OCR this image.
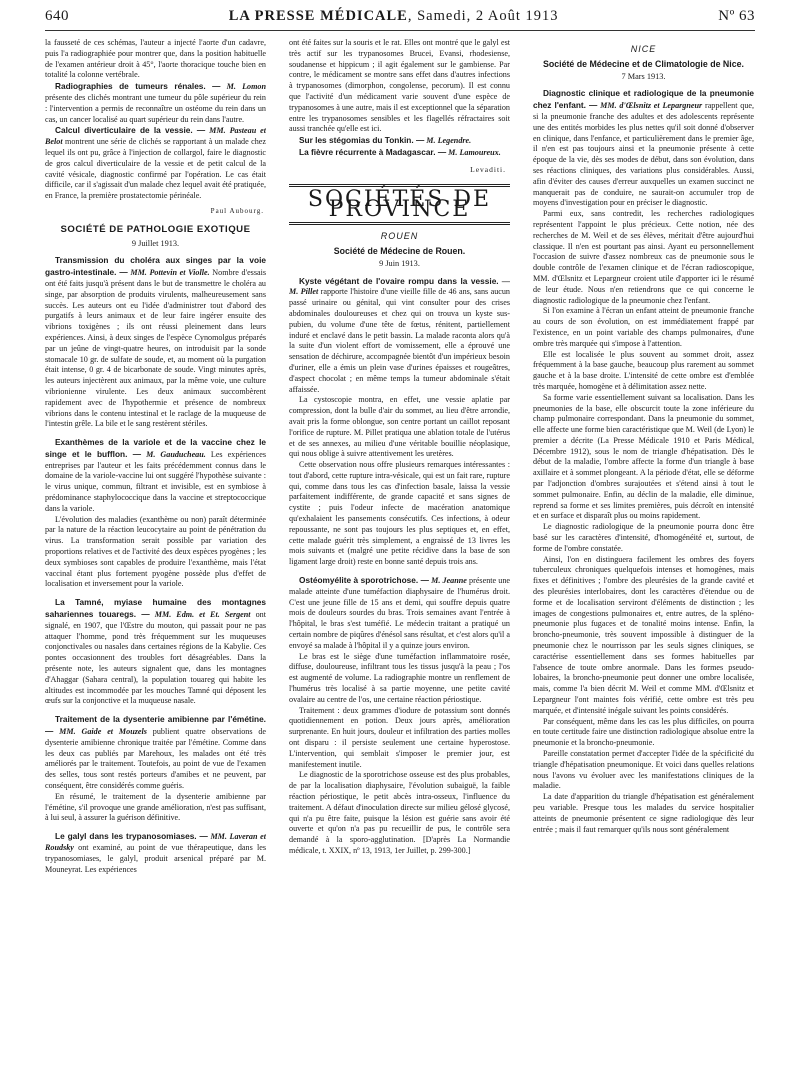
640	LA PRESSE MÉDICALE, Samedi, 2 Août 1913	Nº 63

la fausseté de ces schémas, l'auteur a injecté l'aorte d'un cadavre, puis l'a radiographiée pour montrer que, dans la position habituelle de l'examen antérieur droit à 45°, l'aorte thoracique touche bien en totalité la colonne vertébrale.

Radiographies de tumeurs rénales. — M. Lomon présente des clichés montrant une tumeur du pôle supérieur du rein : l'intervention a permis de reconnaître un ostéome du rein dans un cas, un cancer localisé au quart supérieur du rein dans l'autre.

Calcul diverticulaire de la vessie. — MM. Pasteau et Belot montrent une série de clichés se rapportant à un malade chez lequel ils ont pu, grâce à l'injection de collargol, faire le diagnostic de gros calcul diverticulaire de la vessie et de petit calcul de la cavité vésicale, diagnostic confirmé par l'opération. Le cas était difficile, car il s'agissait d'un malade chez lequel avait été pratiquée, en France, la première prostatectomie périnéale.

Paul Aubourg.
SOCIÉTÉ DE PATHOLOGIE EXOTIQUE
9 Juillet 1913.

Transmission du choléra aux singes par la voie gastro-intestinale. — MM. Pottevin et Violle. Nombre d'essais ont été faits jusqu'à présent dans le but de transmettre le choléra au singe, par absorption de produits virulents, malheureusement sans succès. Les auteurs ont eu l'idée d'administrer tout d'abord des purgatifs à leurs animaux et de leur faire ingérer ensuite des vibrions toxigènes ; ils ont réussi pleinement dans leurs expériences. Ainsi, à deux singes de l'espèce Cynomolgus préparés par un jeûne de vingt-quatre heures, on introduisit par la sonde stomacale 10 gr. de sulfate de soude, et, au moment où la purgation était intense, 0 gr. 4 de bicarbonate de soude. Vingt minutes après, les auteurs injectèrent aux animaux, par la même voie, une culture vibrionienne virulente. Les deux animaux succombèrent rapidement avec de l'hypothermie et présence de nombreux vibrions dans le contenu intestinal et le raclage de la muqueuse de l'intestin grêle. La bile et le sang restèrent stériles.

Exanthèmes de la variole et de la vaccine chez le singe et le bufflon. — M. Gauducheau. Les expériences entreprises par l'auteur et les faits précédemment connus dans le domaine de la variole-vaccine lui ont suggéré l'hypothèse suivante : le virus unique, commun, filtrant et invisible, est en symbiose à prédominance staphylococcique dans la vaccine et streptococcique dans la variole.

L'évolution des maladies (exanthème ou non) paraît déterminée par la nature de la réaction leucocytaire au point de pénétration du virus. La transformation serait possible par variation des proportions relatives et de l'activité des deux espèces pyogènes ; les deux symbioses sont capables de produire l'exanthème, mais l'état vaccinal étant plus fortement pyogène possède plus d'effet de localisation et inversement pour la variole.

La Tamné, myiase humaine des montagnes sahariennes touaregs. — MM. Edm. et Et. Sergent ont signalé, en 1907, que l'Œstre du mouton, qui passait pour ne pas attaquer l'homme, pond très fréquemment sur les muqueuses conjonctivales ou nasales dans certaines régions de la Kabylie. Ces pontes occasionnent des troubles fort désagréables. Dans la présente note, les auteurs signalent que, dans les montagnes d'Ahaggar (Sahara central), la population touareg qui habite les altitudes est incommodée par les mouches Tamné qui déposent les œufs sur la conjonctive et la muqueuse nasale.

Traitement de la dysenterie amibienne par l'émétine. — MM. Gaide et Mouzels publient quatre observations de dysenterie amibienne chronique traitée par l'émétine. Comme dans les deux cas publiés par Marehoux, les malades ont été très améliorés par le traitement. Toutefois, au point de vue de l'examen des selles, tous sont restés porteurs d'amibes et ne peuvent, par conséquent, être considérés comme guéris.

En résumé, le traitement de la dysenterie amibienne par l'émétine, s'il provoque une grande amélioration, n'est pas suffisant, à lui seul, à assurer la guérison définitive.

Le galyl dans les trypanosomiases. — MM. Laveran et Roudsky ont examiné, au point de vue thérapeutique, dans les trypanosomiases, le galyl, produit arsenical préparé par M. Mouneyrat. Les expériences

ont été faites sur la souris et le rat. Elles ont montré que le galyl est très actif sur les trypanosomes Brucei, Evansi, rhodesiense, soudanense et hippicum ; il agit également sur le gambiense. Par contre, le médicament se montre sans effet dans d'autres infections à trypanosomes (dimorphon, congolense, pecorum). Il est connu que l'activité d'un médicament varie souvent d'une espèce de trypanosomes à une autre, mais il est exceptionnel que la séparation entre les trypanosomes sensibles et les flagellés réfractaires soit aussi tranchée qu'elle est ici.

Sur les stégomias du Tonkin. — M. Legendre.

La fièvre récurrente à Madagascar. — M. Lamoureux.

Levaditi.
SOCIÉTÉS DE PROVINCE
ROUEN
Société de Médecine de Rouen.
9 Juin 1913.

Kyste végétant de l'ovaire rompu dans la vessie. — M. Pillet rapporte l'histoire d'une vieille fille de 46 ans, sans aucun passé urinaire ou génital, qui vint consulter pour des crises abdominales douloureuses et chez qui on trouva un kyste sus-pubien, du volume d'une tête de fœtus, rénitent, partiellement induré et enclavé dans le petit bassin. La malade raconta alors qu'à la suite d'un violent effort de vomissement, elle a éprouvé une sensation de déchirure, accompagnée bientôt d'un impérieux besoin d'uriner, elle a émis un plein vase d'urines épaisses et rougeâtres, d'aspect chocolat ; en même temps la tumeur abdominale s'était affaissée.

La cystoscopie montra, en effet, une vessie aplatie par compression, dont la bulle d'air du sommet, au lieu d'être arrondie, avait pris la forme oblongue, son centre portant un caillot reposant l'orifice de rupture. M. Pillet pratiqua une ablation totale de l'utérus et de ses annexes, au milieu d'une véritable bouillie néoplasique, qui nous oblige à suivre attentivement les uretères.

Cette observation nous offre plusieurs remarques intéressantes : tout d'abord, cette rupture intra-vésicale, qui est un fait rare, rupture qui, comme dans tous les cas d'infection basale, laissa la vessie parfaitement indifférente, de grande capacité et sans signes de cystite ; puis l'odeur infecte de macération anatomique qu'exhalaient les pansements consécutifs. Ces infections, à odeur repoussante, ne sont pas toujours les plus septiques et, en effet, cette malade guérit très simplement, a engraissé de 13 livres les mois suivants et (malgré une petite récidive dans la base de son ligament large droit) reste en bonne santé depuis trois ans.

Ostéomyélite à sporotrichose. — M. Jeanne présente une malade atteinte d'une tuméfaction diaphysaire de l'humérus droit. C'est une jeune fille de 15 ans et demi, qui souffre depuis quatre mois de douleurs sourdes du bras. Trois semaines avant l'entrée à l'hôpital, le bras s'est tuméfié. Le médecin traitant a pratiqué un certain nombre de piqûres d'énésol sans résultat, et c'est alors qu'il a envoyé sa malade à l'hôpital il y a quinze jours environ.

Le bras est le siège d'une tuméfaction inflammatoire rosée, diffuse, douloureuse, infiltrant tous les tissus jusqu'à la peau ; l'os est augmenté de volume. La radiographie montre un renflement de l'humérus très localisé à sa partie moyenne, une petite cavité ovalaire au centre de l'os, une certaine réaction périostique.

Traitement : deux grammes d'iodure de potassium sont donnés quotidiennement en potion. Deux jours après, amélioration surprenante. En huit jours, douleur et infiltration des parties molles ont disparu : il persiste seulement une certaine hyperostose. L'intervention, qui semblait s'imposer le premier jour, est manifestement inutile.

Le diagnostic de la sporotrichose osseuse est des plus probables, de par la localisation diaphysaire, l'évolution subaiguë, la faible réaction périostique, le petit abcès intra-osseux, l'influence du traitement. A défaut d'inoculation directe sur milieu gélosé glycosé, qui n'a pu être faite, puisque la lésion est guérie sans avoir été ouverte et qu'on n'a pas pu recueillir de pus, le contrôle sera demandé à la sporo-agglutination. [D'après La Normandie médicale, t. XXIX, nº 13, 1913, 1er Juillet, p. 299-300.]

NICE
Société de Médecine et de Climatologie de Nice.
7 Mars 1913.

Diagnostic clinique et radiologique de la pneumonie chez l'enfant. — MM. d'Œlsnitz et Lepargneur rappellent que, si la pneumonie franche des adultes et des adolescents représente une des entités morbides les plus nettes qu'il soit donné d'observer en clinique, dans l'enfance, et particulièrement dans le premier âge, il n'en est pas toujours ainsi et la pneumonie présente à cette époque de la vie, dès ses modes de début, dans son évolution, dans ses réactions cliniques, des variations plus considérables. Aussi, afin d'éviter des causes d'erreur auxquelles un examen succinct ne manquerait pas de conduire, ne saurait-on accumuler trop de moyens d'investigation pour en préciser le diagnostic.

Parmi eux, sans contredit, les recherches radiologiques représentent l'appoint le plus précieux. Cette notion, née des recherches de M. Weil et de ses élèves, méritait d'être aujourd'hui classique. Il n'en est pourtant pas ainsi. Ayant eu personnellement l'occasion de suivre d'assez nombreux cas de pneumonie sous le double contrôle de l'examen clinique et de l'écran radioscopique, MM. d'Œlsnitz et Lepargneur croient utile d'apporter ici le résumé de leur étude. Nous n'en retiendrons que ce qui concerne le diagnostic radiologique de la pneumonie chez l'enfant.

Si l'on examine à l'écran un enfant atteint de pneumonie franche au cours de son évolution, on est immédiatement frappé par l'existence, en un point variable des champs pulmonaires, d'une ombre très marquée qui s'impose à l'attention.

Elle est localisée le plus souvent au sommet droit, assez fréquemment à la base gauche, beaucoup plus rarement au sommet gauche et à la base droite. L'intensité de cette ombre est d'emblée très marquée, homogène et à délimitation assez nette.

Sa forme varie essentiellement suivant sa localisation. Dans les pneumonies de la base, elle obscurcit toute la zone inférieure du champ pulmonaire correspondant. Dans la pneumonie du sommet, elle affecte une forme bien caractéristique que M. Weil (de Lyon) le premier a décrite (La Presse Médicale 1910 et Paris Médical, Décembre 1912), sous le nom de triangle d'hépatisation. Dès le début de la maladie, l'ombre affecte la forme d'un triangle à base axillaire et à sommet plongeant. A la période d'état, elle se déforme par l'adjonction d'ombres surajoutées et s'étend ainsi à tout le sommet pulmonaire. Enfin, au déclin de la maladie, elle diminue, reprend sa forme et ses limites premières, puis décroît en intensité et en surface et disparaît plus ou moins rapidement.

Le diagnostic radiologique de la pneumonie pourra donc être basé sur les caractères d'intensité, d'homogénéité et, surtout, de forme de l'ombre constatée.

Ainsi, l'on en distinguera facilement les ombres des foyers tuberculeux chroniques quelquefois intenses et homogènes, mais fixes et définitives ; l'ombre des pleurésies de la grande cavité et des pleurésies interlobaires, dont les caractères d'étendue ou de forme et de localisation serviront d'éléments de distinction ; les images de congestions pulmonaires et, entre autres, de la spléno-pneumonie plus fugaces et de tonalité moins intense. Enfin, la broncho-pneumonie, très souvent impossible à distinguer de la pneumonie chez le nourrisson par les seuls signes cliniques, se caractérise essentiellement dans ses formes habituelles par l'absence de toute ombre anormale. Dans les formes pseudo-lobaires, la broncho-pneumonie peut donner une ombre localisée, mais, comme l'a bien décrit M. Weil et comme MM. d'Œlsnitz et Lepargneur l'ont maintes fois vérifié, cette ombre est très peu marquée, et d'intensité inégale suivant les points considérés.

Par conséquent, même dans les cas les plus difficiles, on pourra en toute certitude faire une distinction radiologique absolue entre la pneumonie et la broncho-pneumonie.

Pareille constatation permet d'accepter l'idée de la spécificité du triangle d'hépatisation pneumonique. Et voici dans quelles relations nous l'avons vu évoluer avec les manifestations cliniques de la maladie.

La date d'apparition du triangle d'hépatisation est généralement peu variable. Presque tous les malades du service hospitalier atteints de pneumonie présentent ce signe radiologique dès leur entrée ; mais il faut remarquer qu'ils nous sont généralement
